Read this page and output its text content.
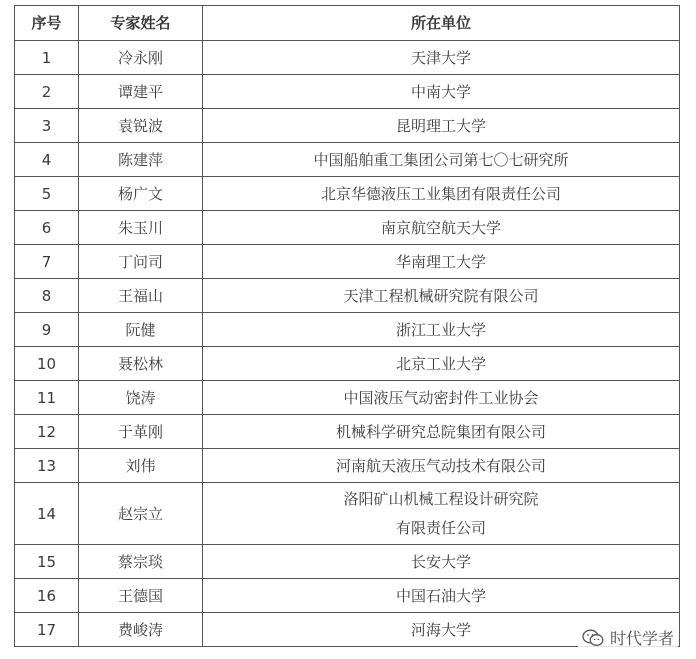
序号	专家姓名	所在单位
1	冷永刚	天津大学

2	谭建平	中南大学

3	袁锐波	昆明理工大学

4	陈建萍	中国船舶重工集团公司第七〇七研究所

5	杨广文	北京华德液压工业集团有限责任公司

6	朱玉川	南京航空航天大学

7	丁问司	华南理工大学

8	王福山	天津工程机械研究院有限公司

9	阮健	浙江工业大学

10	聂松林	北京工业大学

11	饶涛	中国液压气动密封件工业协会

12	于革刚	机械科学研究总院集团有限公司

13	刘伟	河南航天液压气动技术有限公司

14	赵宗立	洛阳矿山机械工程设计研究院
有限责任公司

15	蔡宗琰	长安大学

16	王德国	中国石油大学

17	费峻涛	河海大学	时代学者
